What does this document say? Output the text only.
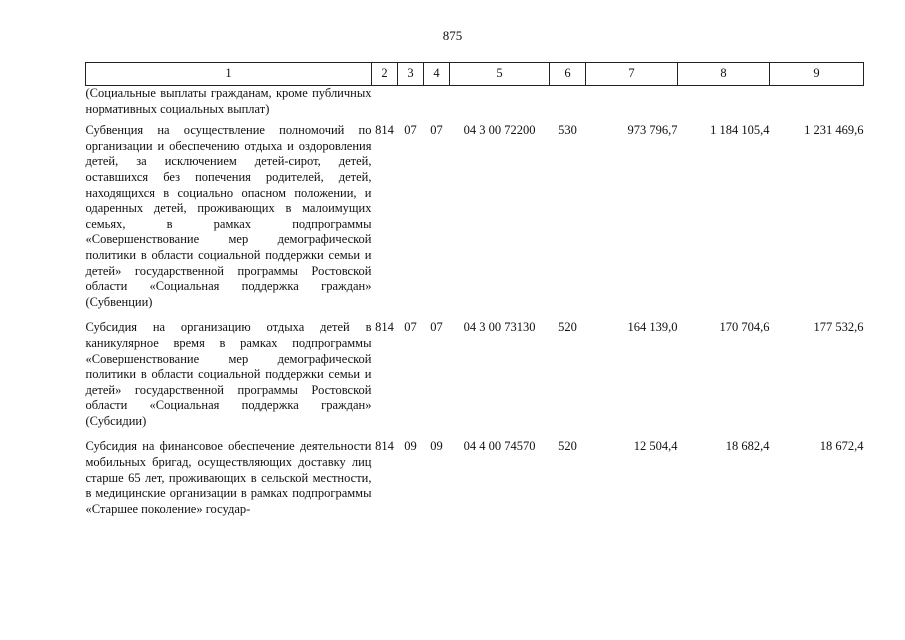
875
1	2	3	4	5	6	7	8	9
(Социальные выплаты гражданам, кроме публичных нормативных социальных выплат)								
Субвенция на осуществление полномочий по организации и обеспечению отдыха и оздоровления детей, за исключением детей-сирот, детей, оставшихся без попечения родителей, детей, находящихся в социально опасном положении, и одаренных детей, проживающих в малоимущих семьях, в рамках подпрограммы «Совершенствование мер демографической политики в области социальной поддержки семьи и детей» государственной программы Ростовской области «Социальная поддержка граждан» (Субвенции)	814	07	07	04 3 00 72200	530	973 796,7	1 184 105,4	1 231 469,6
Субсидия на организацию отдыха детей в каникулярное время в рамках подпрограммы «Совершенствование мер демографической политики в области социальной поддержки семьи и детей» государственной программы Ростовской области «Социальная поддержка граждан» (Субсидии)	814	07	07	04 3 00 73130	520	164 139,0	170 704,6	177 532,6
Субсидия на финансовое обеспечение деятельности мобильных бригад, осуществляющих доставку лиц старше 65 лет, проживающих в сельской местности, в медицинские организации в рамках подпрограммы «Старшее поколение» государ-	814	09	09	04 4 00 74570	520	12 504,4	18 682,4	18 672,4
